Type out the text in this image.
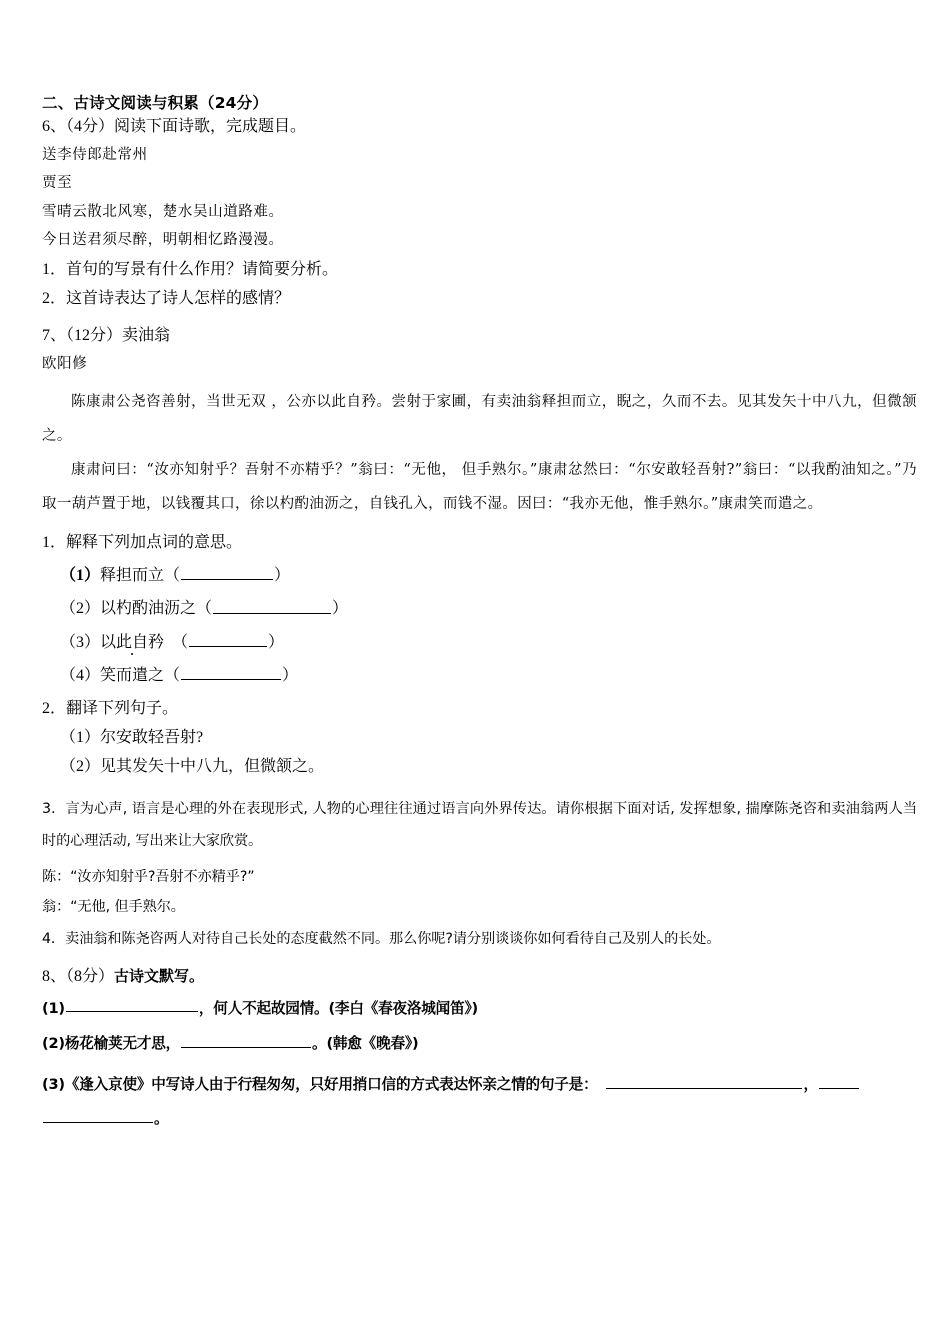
二、古诗文阅读与积累（24分）
6、（4分）阅读下面诗歌，完成题目。
送李侍郎赴常州
贾至
雪晴云散北风寒，楚水吴山道路难。
今日送君须尽醉，明朝相忆路漫漫。
1．首句的写景有什么作用？请简要分析。
2．这首诗表达了诗人怎样的感情？
7、（12分）卖油翁
欧阳修
陈康肃公尧咨善射，当世无双 ，公亦以此自矜。尝射于家圃，有卖油翁释担而立，睨之，久而不去。见其发矢十中八九，但微颔之。
康肃问曰：“汝亦知射乎？吾射不亦精乎？”翁曰：“无他， 但手熟尔。”康肃忿然曰：“尔安敢轻吾射?”翁曰：“以我酌油知之。”乃取一葫芦置于地，以钱覆其口，徐以杓酌油沥之，自钱孔入，而钱不湿。因曰：“我亦无他，惟手熟尔。”康肃笑而遣之。
1．解释下列加点词的意思。
（1）释担而立（	）
（2）以杓酌油沥之（	）
（3）以此自矜 （	）
（4）笑而遣之（	）
2．翻译下列句子。
（1）尔安敢轻吾射?
（2）见其发矢十中八九，但微颔之。
3．言为心声, 语言是心理的外在表现形式, 人物的心理往往通过语言向外界传达。请你根据下面对话, 发挥想象, 揣摩陈尧咨和卖油翁两人当时的心理活动, 写出来让大家欣赏。
陈：“汝亦知射乎?吾射不亦精乎?”
翁：“无他, 但手熟尔。
4．卖油翁和陈尧咨两人对待自己长处的态度截然不同。那么你呢?请分别谈谈你如何看待自己及别人的长处。
8、（8分）古诗文默写。
(1)	，何人不起故园情。(李白《春夜洛城闻笛》)
(2)杨花榆荚无才思，	。(韩愈《晚春》)
(3)《逢入京使》中写诗人由于行程匆匆，只好用捎口信的方式表达怀亲之情的句子是：	，
。
